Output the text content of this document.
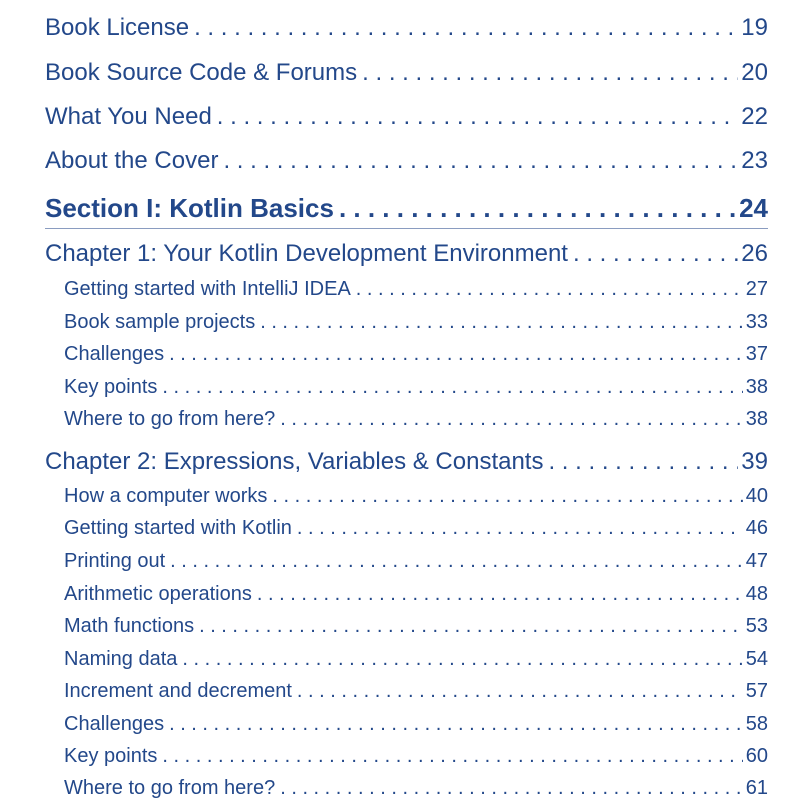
Book License . . .	19
Book Source Code & Forums . . .	20
What You Need . . .	22
About the Cover . . .	23
Section I: Kotlin Basics . . .	24
Chapter 1: Your Kotlin Development Environment . . .	26
Getting started with IntelliJ IDEA . . .	27
Book sample projects . . .	33
Challenges . . .	37
Key points . . .	38
Where to go from here? . . .	38
Chapter 2: Expressions, Variables & Constants . . .	39
How a computer works . . .	40
Getting started with Kotlin . . .	46
Printing out . . .	47
Arithmetic operations . . .	48
Math functions . . .	53
Naming data . . .	54
Increment and decrement . . .	57
Challenges . . .	58
Key points . . .	60
Where to go from here? . . .	61
